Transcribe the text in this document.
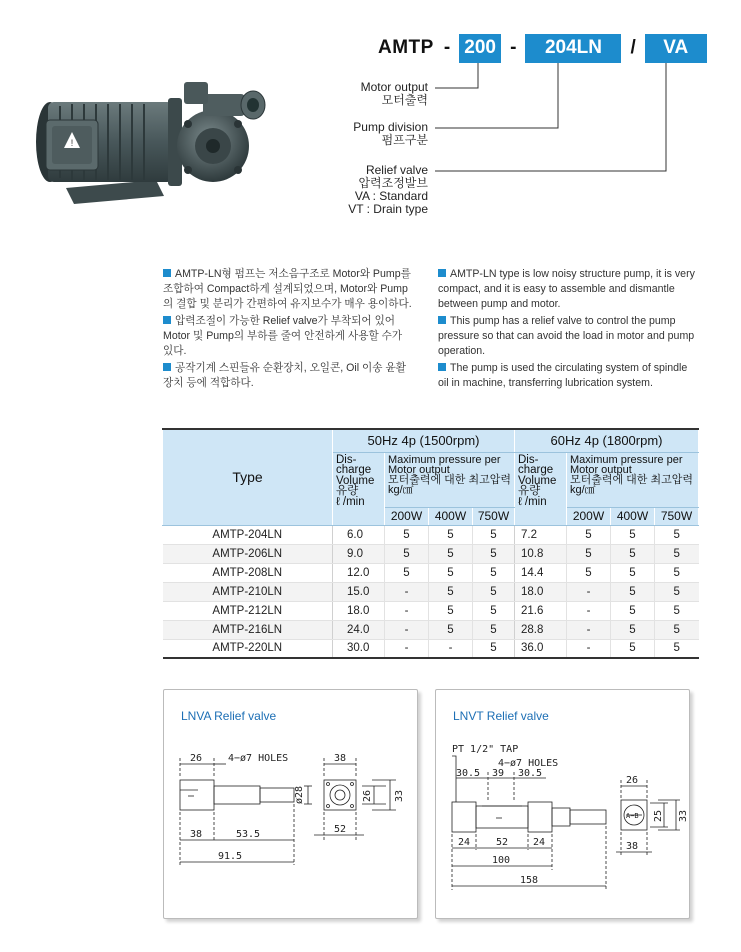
AMTP - 200 -	204LN	/	VA
Motor output
모터출력
Pump division
펌프구분
Relief valve
압력조정발브
VA : Standard
VT : Drain type
!

AMTP-LN형 펌프는 저소음구조로 Motor와 Pump를 조합하여 Compact하게 설계되었으며, Motor와 Pump의 결합 및 분리가 간편하여 유지보수가 매우 용이하다.

압력조절이 가능한 Relief valve가 부착되어 있어 Motor 및 Pump의 부하를 줄여 안전하게 사용할 수가 있다.

공작기계 스핀들유 순환장치, 오일콘, Oil 이송 윤활장치 등에 적합하다.

AMTP-LN type is low noisy structure pump, it is very compact, and it is easy to assemble and dismantle between pump and motor.

This pump has a relief valve to control the pump pressure so that can avoid the load in motor and pump operation.

The pump is used the circulating system of spindle oil in machine, transferring lubrication system.

Type	50Hz 4p (1500rpm)				60Hz 4p (1800rpm)			
	Dis-
charge
Volume
유량
ℓ /min	Maximum pressure per
Motor output
모터출력에 대한 최고압력
kg/㎠			Dis-
charge
Volume
유량
ℓ /min	Maximum pressure per
Motor output
모터출력에 대한 최고압력
kg/㎠		
		200W	400W	750W		200W	400W	750W
AMTP-204LN	6.0	5	5	5	7.2	5	5	5
AMTP-206LN	9.0	5	5	5	10.8	5	5	5
AMTP-208LN	12.0	5	5	5	14.4	5	5	5
AMTP-210LN	15.0	-	5	5	18.0	-	5	5
AMTP-212LN	18.0	-	5	5	21.6	-	5	5
AMTP-216LN	24.0	-	5	5	28.8	-	5	5
AMTP-220LN	30.0	-	-	5	36.0	-	5	5
LNVA Relief valve
26	4−ø7 HOLES	38
ø28	26 33
38	53.5
91.5
52
LNVT Relief valve
PT 1/2" TAP
4−ø7 HOLES
30.5 39 30.5
26
25 33
24	52 24
100
158
38
A−B
